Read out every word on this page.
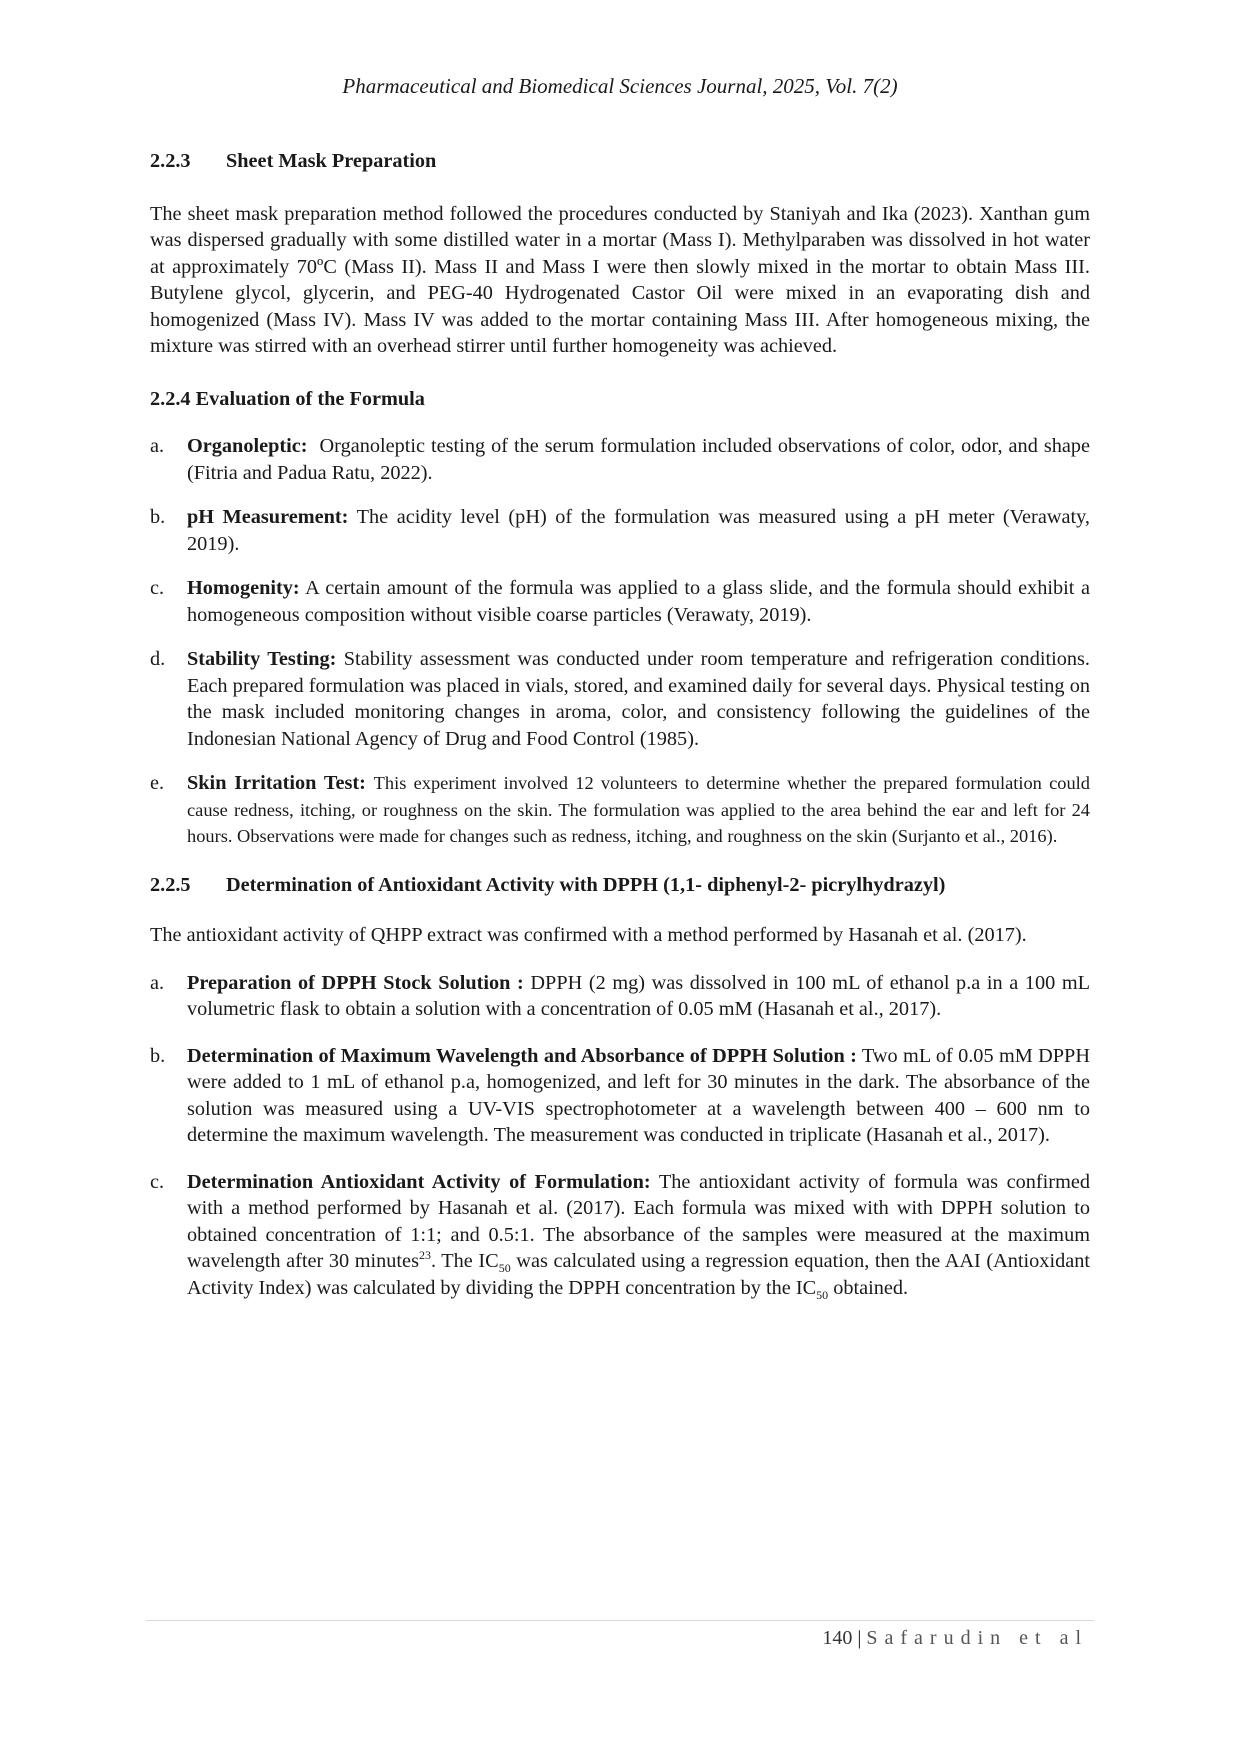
Pharmaceutical and Biomedical Sciences Journal, 2025, Vol. 7(2)
2.2.3 Sheet Mask Preparation

The sheet mask preparation method followed the procedures conducted by Staniyah and Ika (2023). Xanthan gum was dispersed gradually with some distilled water in a mortar (Mass I). Methylparaben was dissolved in hot water at approximately 70ºC (Mass II). Mass II and Mass I were then slowly mixed in the mortar to obtain Mass III. Butylene glycol, glycerin, and PEG-40 Hydrogenated Castor Oil were mixed in an evaporating dish and homogenized (Mass IV). Mass IV was added to the mortar containing Mass III. After homogeneous mixing, the mixture was stirred with an overhead stirrer until further homogeneity was achieved.

2.2.4 Evaluation of the Formula
a.	Organoleptic: Organoleptic testing of the serum formulation included observations of color, odor, and shape (Fitria and Padua Ratu, 2022).
b.	pH Measurement: The acidity level (pH) of the formulation was measured using a pH meter (Verawaty, 2019).
c.	Homogenity: A certain amount of the formula was applied to a glass slide, and the formula should exhibit a homogeneous composition without visible coarse particles (Verawaty, 2019).
d.	Stability Testing: Stability assessment was conducted under room temperature and refrigeration conditions. Each prepared formulation was placed in vials, stored, and examined daily for several days. Physical testing on the mask included monitoring changes in aroma, color, and consistency following the guidelines of the Indonesian National Agency of Drug and Food Control (1985).
e.	Skin Irritation Test: This experiment involved 12 volunteers to determine whether the prepared formulation could cause redness, itching, or roughness on the skin. The formulation was applied to the area behind the ear and left for 24 hours. Observations were made for changes such as redness, itching, and roughness on the skin (Surjanto et al., 2016).
2.2.5 Determination of Antioxidant Activity with DPPH (1,1- diphenyl-2- picrylhydrazyl)

The antioxidant activity of QHPP extract was confirmed with a method performed by Hasanah et al. (2017).

a.	Preparation of DPPH Stock Solution : DPPH (2 mg) was dissolved in 100 mL of ethanol p.a in a 100 mL volumetric flask to obtain a solution with a concentration of 0.05 mM (Hasanah et al., 2017).
b.	Determination of Maximum Wavelength and Absorbance of DPPH Solution : Two mL of 0.05 mM DPPH were added to 1 mL of ethanol p.a, homogenized, and left for 30 minutes in the dark. The absorbance of the solution was measured using a UV-VIS spectrophotometer at a wavelength between 400 – 600 nm to determine the maximum wavelength. The measurement was conducted in triplicate (Hasanah et al., 2017).
c.	Determination Antioxidant Activity of Formulation: The antioxidant activity of formula was confirmed with a method performed by Hasanah et al. (2017). Each formula was mixed with with DPPH solution to obtained concentration of 1:1; and 0.5:1. The absorbance of the samples were measured at the maximum wavelength after 30 minutes$^{23}$. The $IC_{50}$ was calculated using a regression equation, then the AAI (Antioxidant Activity Index) was calculated by dividing the DPPH concentration by the $IC_{50}$ obtained.
140 | Safarudin et al
